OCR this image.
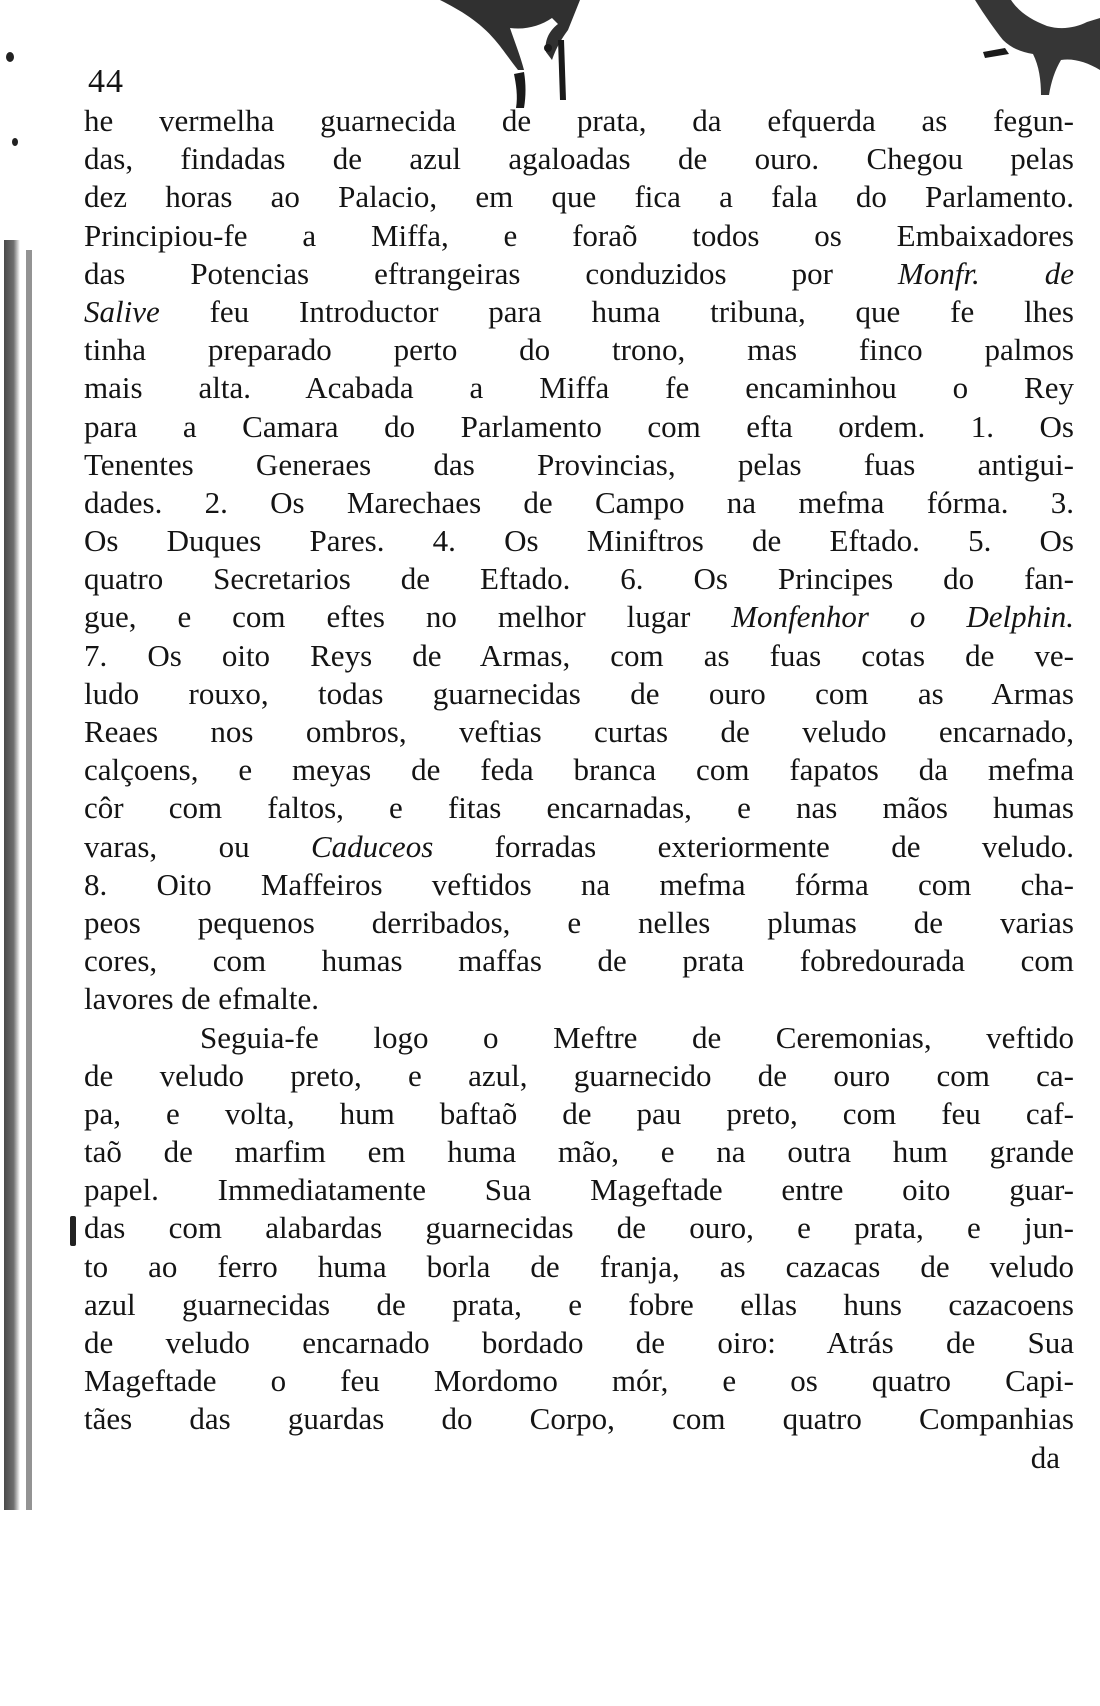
44
he vermelha guarnecida de prata, da efquerda as fegun-
das, findadas de azul agaloadas de ouro. Chegou pelas
dez horas ao Palacio, em que fica a fala do Parlamento.
Principiou-fe a Miffa, e foraõ todos os Embaixadores
das Potencias eftrangeiras conduzidos por Monfr. de
Salive feu Introductor para huma tribuna, que fe lhes
tinha preparado perto do trono, mas finco palmos
mais alta. Acabada a Miffa fe encaminhou o Rey
para a Camara do Parlamento com efta ordem. 1. Os
Tenentes Generaes das Provincias, pelas fuas antigui-
dades. 2. Os Marechaes de Campo na mefma fórma. 3.
Os Duques Pares. 4. Os Miniftros de Eftado. 5. Os
quatro Secretarios de Eftado. 6. Os Principes do fan-
gue, e com eftes no melhor lugar Monfenhor o Delphin.
7. Os oito Reys de Armas, com as fuas cotas de ve-
ludo rouxo, todas guarnecidas de ouro com as Armas
Reaes nos ombros, veftias curtas de veludo encarnado,
calçoens, e meyas de feda branca com fapatos da mefma
côr com faltos, e fitas encarnadas, e nas mãos humas
varas, ou Caduceos forradas exteriormente de veludo.
8. Oito Maffeiros veftidos na mefma fórma com cha-
peos pequenos derribados, e nelles plumas de varias
cores, com humas maffas de prata fobredourada com
lavores de efmalte.
Seguia-fe logo o Meftre de Ceremonias, veftido
de veludo preto, e azul, guarnecido de ouro com ca-
pa, e volta, hum baftaõ de pau preto, com feu caf-
taõ de marfim em huma mão, e na outra hum grande
papel. Immediatamente Sua Mageftade entre oito guar-
das com alabardas guarnecidas de ouro, e prata, e jun-
to ao ferro huma borla de franja, as cazacas de veludo
azul guarnecidas de prata, e fobre ellas huns cazacoens
de veludo encarnado bordado de oiro: Atrás de Sua
Mageftade o feu Mordomo mór, e os quatro Capi-
tães das guardas do Corpo, com quatro Companhias
da
